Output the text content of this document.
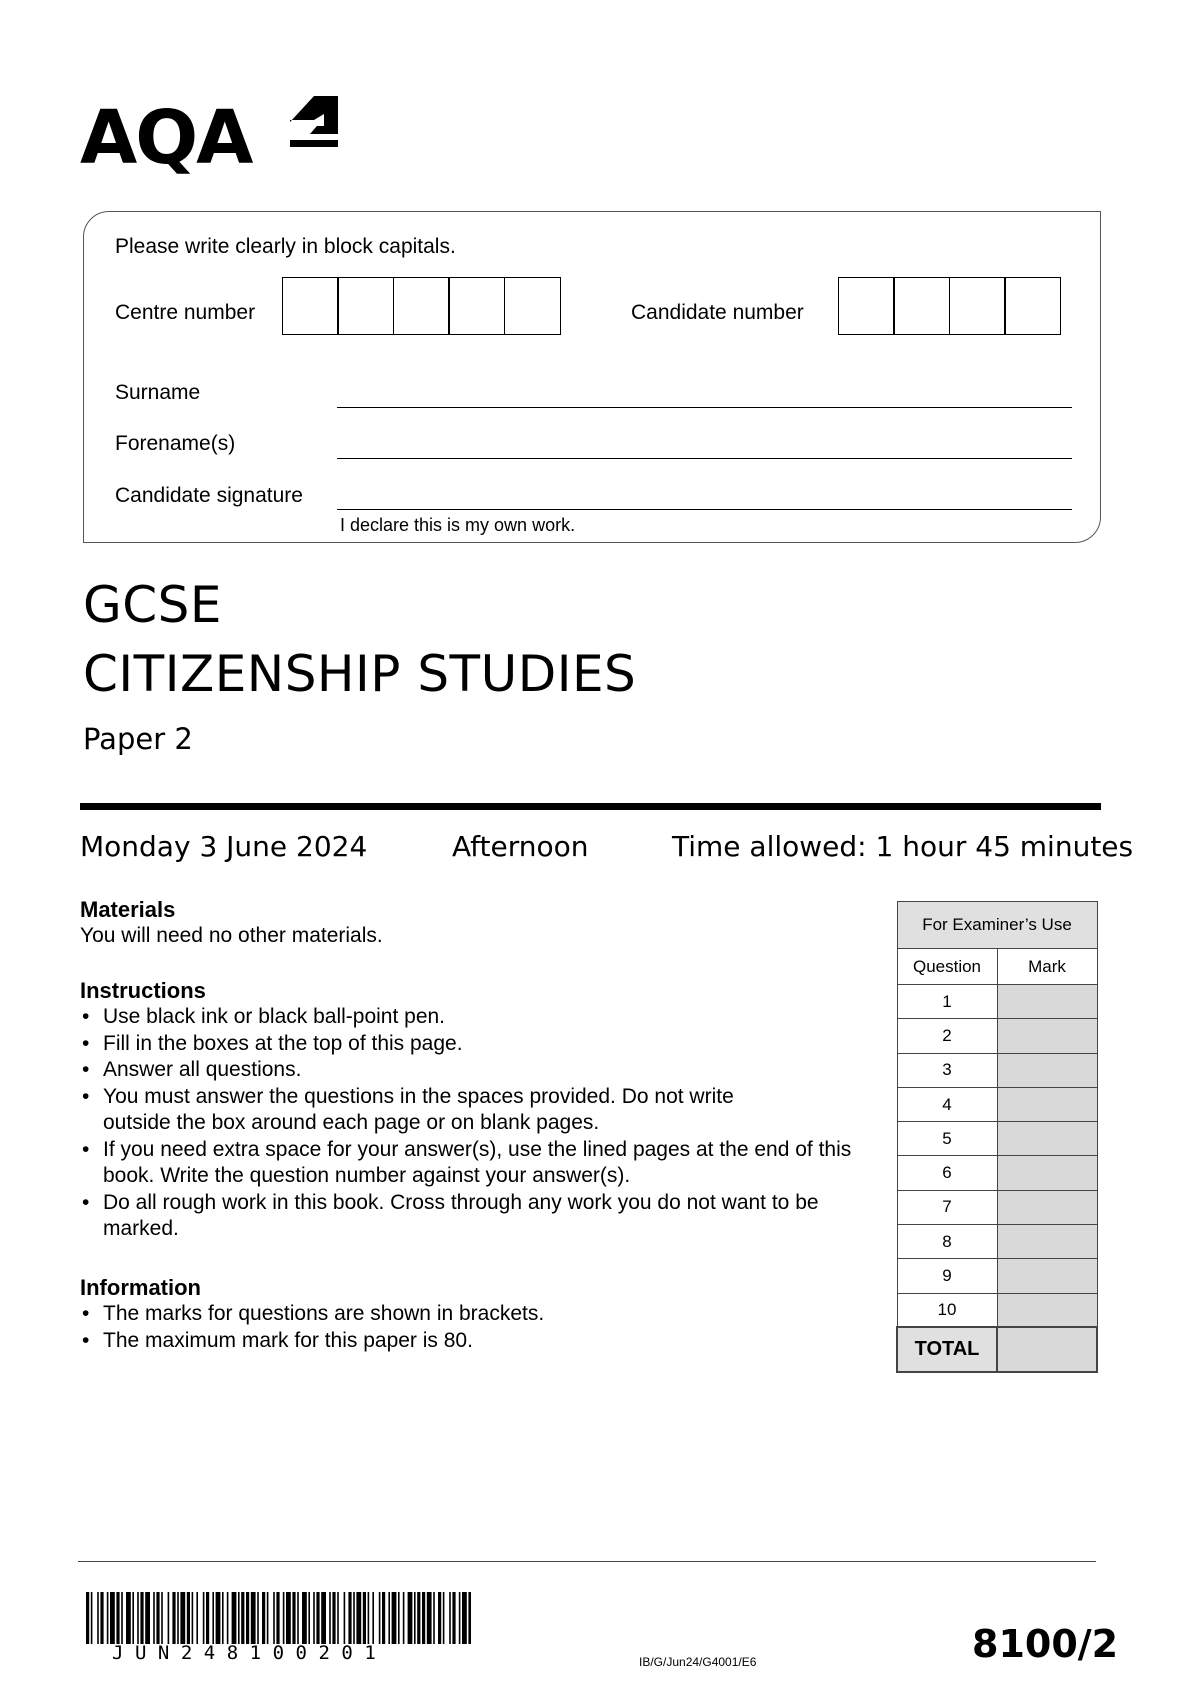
AQA
Please write clearly in block capitals.
Centre number	Candidate number
Surname
Forename(s)
Candidate signature
I declare this is my own work.
GCSE
CITIZENSHIP STUDIES
Paper 2
Monday 3 June 2024	Afternoon	Time allowed: 1 hour 45 minutes
Materials
You will need no other materials.
Instructions
• Use black ink or black ball-point pen.
• Fill in the boxes at the top of this page.
• Answer all questions.
• You must answer the questions in the spaces provided. Do not write outside the box around each page or on blank pages.
• If you need extra space for your answer(s), use the lined pages at the end of this book. Write the question number against your answer(s).
• Do all rough work in this book. Cross through any work you do not want to be marked.
Information
• The marks for questions are shown in brackets.
• The maximum mark for this paper is 80.
For Examiner’s Use	
Question	Mark
1	
2	
3	
4	
5	
6	
7	
8	
9	
10	
TOTAL	
JUN248100201	IB/G/Jun24/G4001/E6	8100/2
